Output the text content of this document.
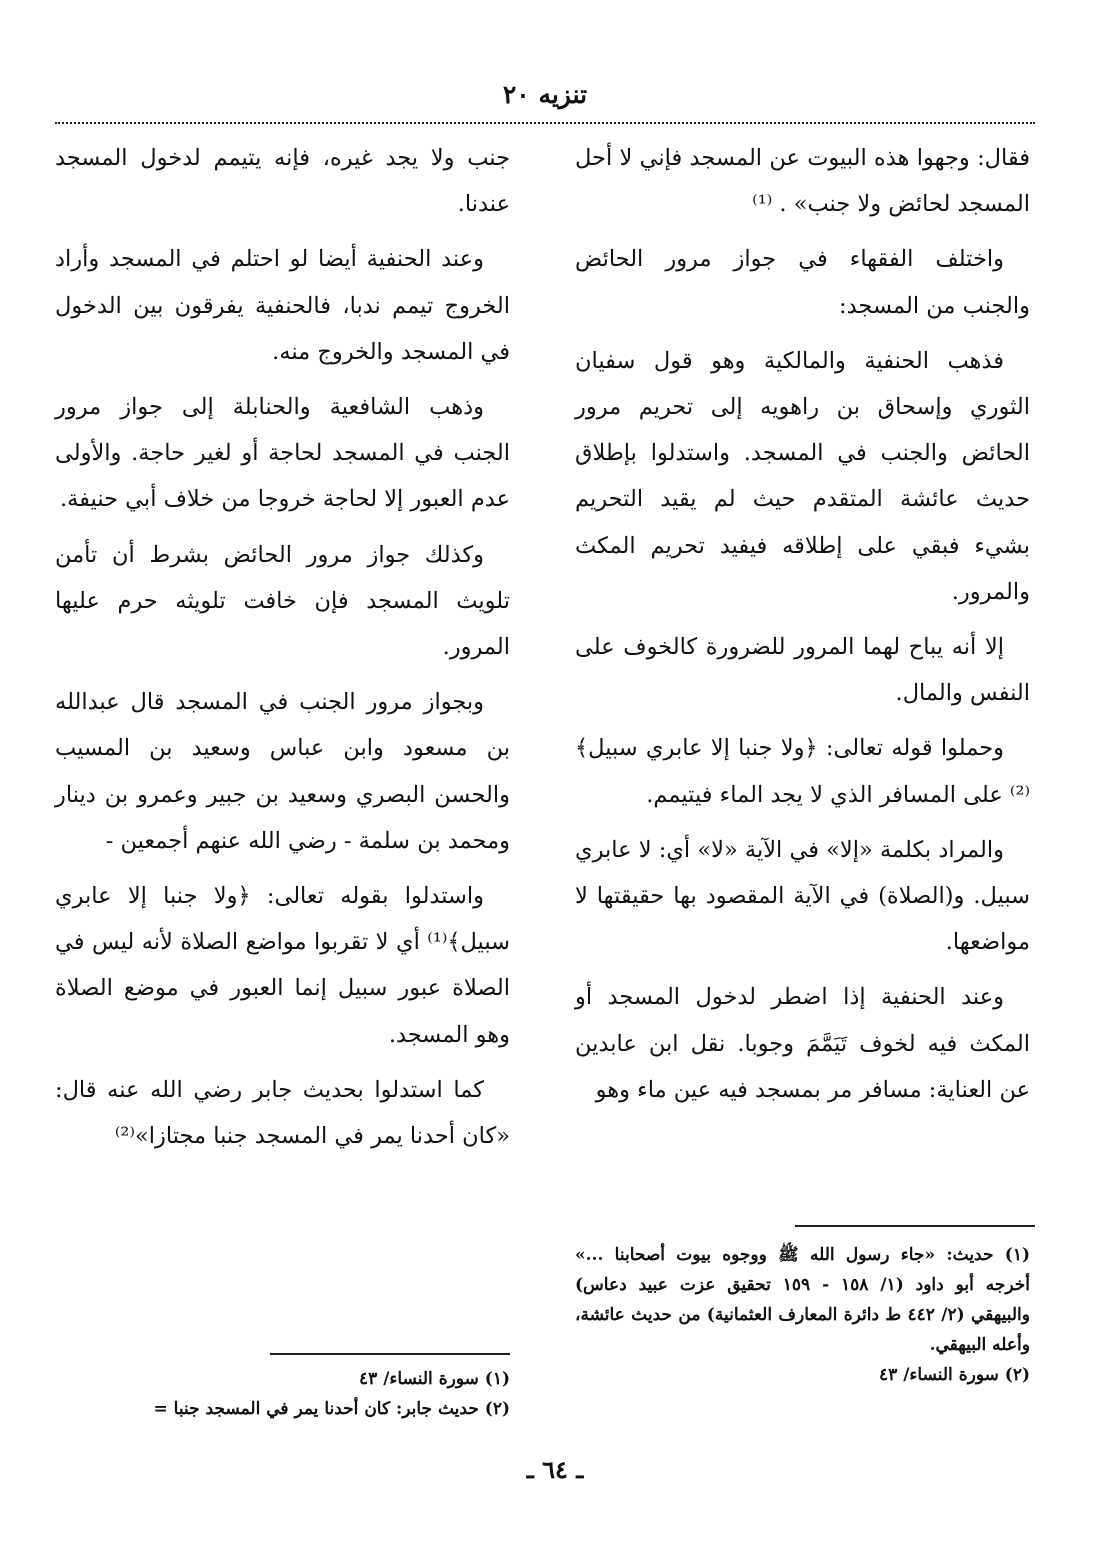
تنزيه ٢٠

فقال: وجهوا هذه البيوت عن المسجد فإني لا أحل المسجد لحائض ولا جنب» . ⁽¹⁾

واختلف الفقهاء في جواز مرور الحائض والجنب من المسجد:

فذهب الحنفية والمالكية وهو قول سفيان الثوري وإسحاق بن راهويه إلى تحريم مرور الحائض والجنب في المسجد. واستدلوا بإطلاق حديث عائشة المتقدم حيث لم يقيد التحريم بشيء فبقي على إطلاقه فيفيد تحريم المكث والمرور.

إلا أنه يباح لهما المرور للضرورة كالخوف على النفس والمال.

وحملوا قوله تعالى: ﴿ولا جنبا إلا عابري سبيل﴾⁽²⁾ على المسافر الذي لا يجد الماء فيتيمم.

والمراد بكلمة «إلا» في الآية «لا» أي: لا عابري سبيل. و(الصلاة) في الآية المقصود بها حقيقتها لا مواضعها.

وعند الحنفية إذا اضطر لدخول المسجد أو المكث فيه لخوف تَيَمَّمَ وجوبا. نقل ابن عابدين عن العناية: مسافر مر بمسجد فيه عين ماء وهو

جنب ولا يجد غيره، فإنه يتيمم لدخول المسجد عندنا.

وعند الحنفية أيضا لو احتلم في المسجد وأراد الخروج تيمم ندبا، فالحنفية يفرقون بين الدخول في المسجد والخروج منه.

وذهب الشافعية والحنابلة إلى جواز مرور الجنب في المسجد لحاجة أو لغير حاجة. والأولى عدم العبور إلا لحاجة خروجا من خلاف أبي حنيفة.

وكذلك جواز مرور الحائض بشرط أن تأمن تلويث المسجد فإن خافت تلويثه حرم عليها المرور.

وبجواز مرور الجنب في المسجد قال عبدالله بن مسعود وابن عباس وسعيد بن المسيب والحسن البصري وسعيد بن جبير وعمرو بن دينار ومحمد بن سلمة - رضي الله عنهم أجمعين -

واستدلوا بقوله تعالى: ﴿ولا جنبا إلا عابري سبيل﴾⁽¹⁾ أي لا تقربوا مواضع الصلاة لأنه ليس في الصلاة عبور سبيل إنما العبور في موضع الصلاة وهو المسجد.

كما استدلوا بحديث جابر رضي الله عنه قال: «كان أحدنا يمر في المسجد جنبا مجتازا»⁽²⁾

(١) حديث: «جاء رسول الله ﷺ ووجوه بيوت أصحابنا ...» أخرجه أبو داود (١/ ١٥٨ - ١٥٩ تحقيق عزت عبيد دعاس) والبيهقي (٢/ ٤٤٢ ط دائرة المعارف العثمانية) من حديث عائشة، وأعله البيهقي.
(٢) سورة النساء/ ٤٣
(١) سورة النساء/ ٤٣
(٢) حديث جابر: كان أحدنا يمر في المسجد جنبا =
ـ ٦٤ ـ
